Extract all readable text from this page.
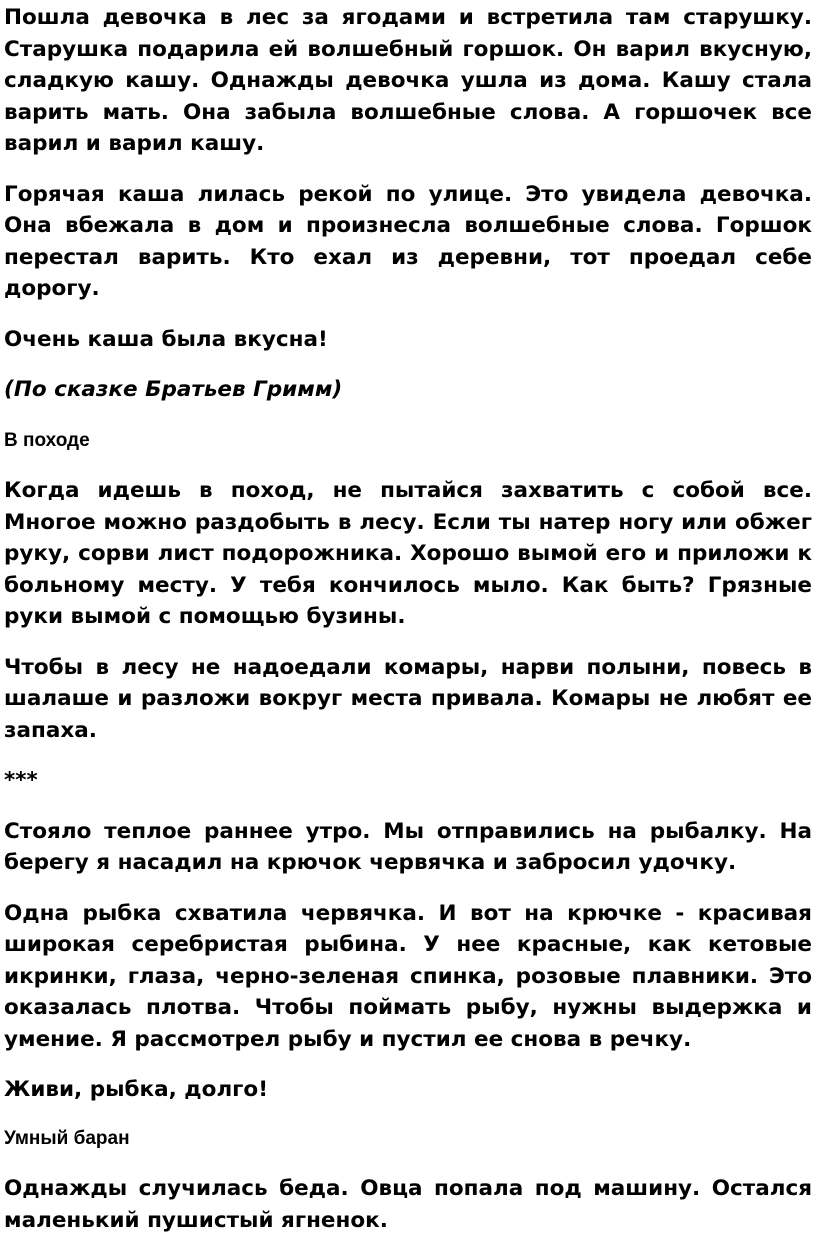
Пошла девочка в лес за ягодами и встретила там старушку. Старушка подарила ей волшебный горшок. Он варил вкусную, сладкую кашу. Однажды девочка ушла из дома. Кашу стала варить мать. Она забыла волшебные слова. А горшочек все варил и варил кашу.

Горячая каша лилась рекой по улице. Это увидела девочка. Она вбежала в дом и произнесла волшебные слова. Горшок перестал варить. Кто ехал из деревни, тот проедал себе дорогу.

Очень каша была вкусна!

(По сказке Братьев Гримм)

В походе

Когда идешь в поход, не пытайся захватить с собой все. Многое можно раздобыть в лесу. Если ты натер ногу или обжег руку, сорви лист подорожника. Хорошо вымой его и приложи к больному месту. У тебя кончилось мыло. Как быть? Грязные руки вымой с помощью бузины.

Чтобы в лесу не надоедали комары, нарви полыни, повесь в шалаше и разложи вокруг места привала. Комары не любят ее запаха.

***

Стояло теплое раннее утро. Мы отправились на рыбалку. На берегу я насадил на крючок червячка и забросил удочку.

Одна рыбка схватила червячка. И вот на крючке - красивая широкая серебристая рыбина. У нее красные, как кетовые икринки, глаза, черно-зеленая спинка, розовые плавники. Это оказалась плотва. Чтобы поймать рыбу, нужны выдержка и умение. Я рассмотрел рыбу и пустил ее снова в речку.

Живи, рыбка, долго!

Умный баран

Однажды случилась беда. Овца попала под машину. Остался маленький пушистый ягненок.
